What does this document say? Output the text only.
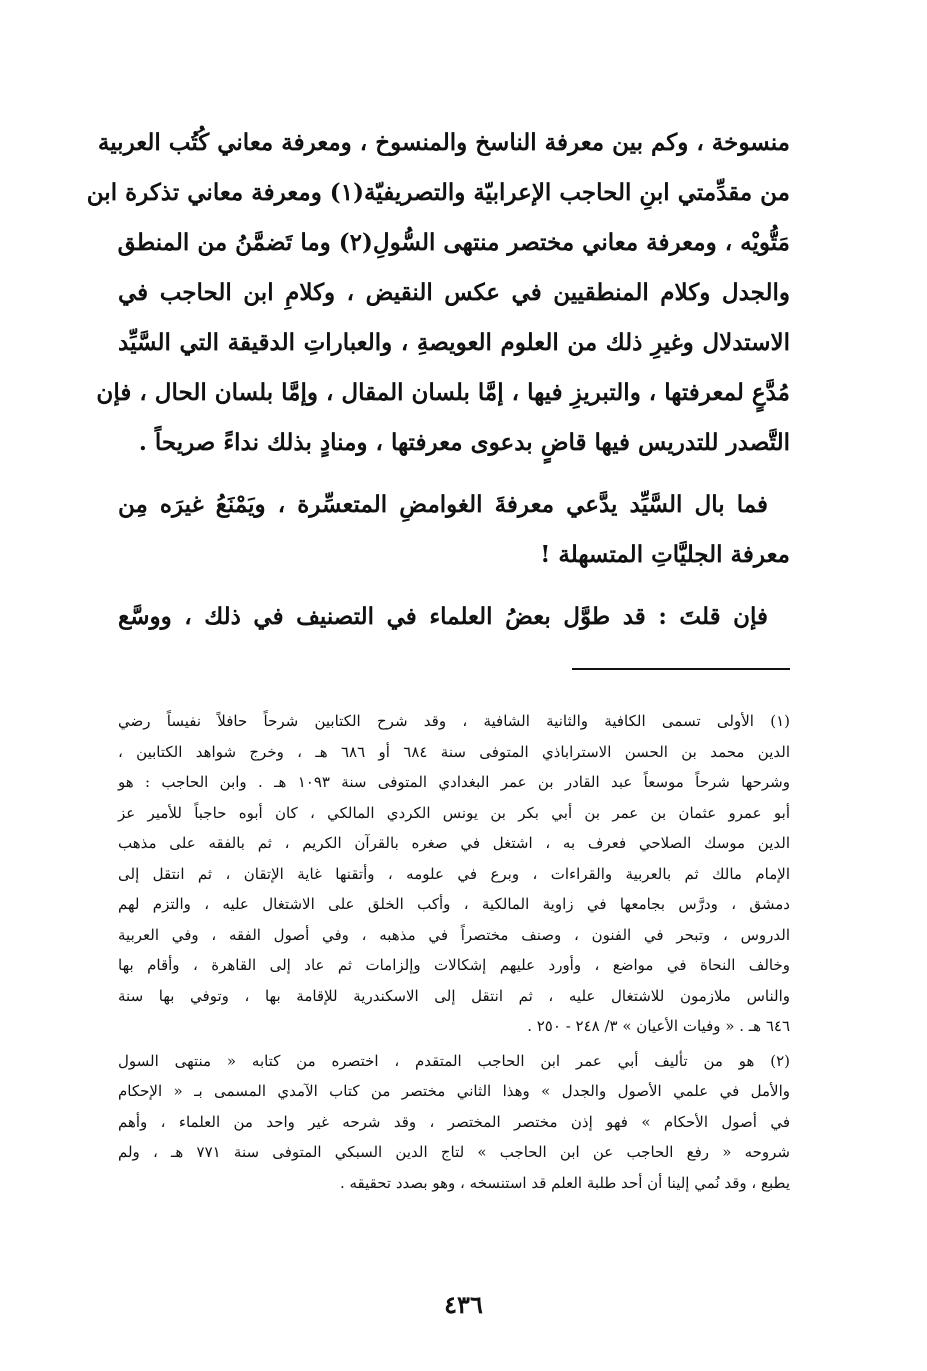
منسوخة ، وكم بين معرفة الناسخ والمنسوخ ، ومعرفة معاني كُتُب العربية
من مقدِّمتي ابنِ الحاجب الإعرابيّة والتصريفيّة(١) ومعرفة معاني تذكرة ابن
مَتُّويْه ، ومعرفة معاني مختصر منتهى السُّولِ(٢) وما تَضمَّنُ من المنطق
والجدل وكلام المنطقيين في عكس النقيض ، وكلامِ ابن الحاجب في
الاستدلال وغيرِ ذلك من العلوم العويصةِ ، والعباراتِ الدقيقة التي السَّيِّد
مُدَّعٍ لمعرفتها ، والتبريزِ فيها ، إمَّا بلسان المقال ، وإمَّا بلسان الحال ، فإن
التَّصدر للتدريس فيها قاضٍ بدعوى معرفتها ، ومنادٍ بذلك نداءً صريحاً .
فما بال السَّيِّد يدَّعي معرفةَ الغوامضِ المتعسِّرة ، ويَمْنَعُ غيرَه مِن
معرفة الجليَّاتِ المتسهلة !
فإن قلتَ : قد طوَّل بعضُ العلماء في التصنيف في ذلك ، ووسَّع
(١) الأولى تسمى الكافية والثانية الشافية ، وقد شرح الكتابين شرحاً حافلاً نفيساً رضي
الدين محمد بن الحسن الاستراباذي المتوفى سنة ٦٨٤ أو ٦٨٦ هـ ، وخرج شواهد الكتابين ،
وشرحها شرحاً موسعاً عبد القادر بن عمر البغدادي المتوفى سنة ١٠٩٣ هـ . وابن الحاجب : هو
أبو عمرو عثمان بن عمر بن أبي بكر بن يونس الكردي المالكي ، كان أبوه حاجباً للأمير عز
الدين موسك الصلاحي فعرف به ، اشتغل في صغره بالقرآن الكريم ، ثم بالفقه على مذهب
الإمام مالك ثم بالعربية والقراءات ، وبرع في علومه ، وأتقنها غاية الإتقان ، ثم انتقل إلى
دمشق ، ودرَّس بجامعها في زاوية المالكية ، وأكب الخلق على الاشتغال عليه ، والتزم لهم
الدروس ، وتبحر في الفنون ، وصنف مختصراً في مذهبه ، وفي أصول الفقه ، وفي العربية
وخالف النحاة في مواضع ، وأورد عليهم إشكالات وإلزامات ثم عاد إلى القاهرة ، وأقام بها
والناس ملازمون للاشتغال عليه ، ثم انتقل إلى الاسكندرية للإقامة بها ، وتوفي بها سنة
٦٤٦ هـ . « وفيات الأعيان » ٣/ ٢٤٨ - ٢٥٠ .
(٢) هو من تأليف أبي عمر ابن الحاجب المتقدم ، اختصره من كتابه « منتهى السول
والأمل في علمي الأصول والجدل » وهذا الثاني مختصر من كتاب الآمدي المسمى بـ « الإحكام
في أصول الأحكام » فهو إذن مختصر المختصر ، وقد شرحه غير واحد من العلماء ، وأهم
شروحه « رفع الحاجب عن ابن الحاجب » لتاج الدين السبكي المتوفى سنة ٧٧١ هـ ، ولم
يطبع ، وقد نُمي إلينا أن أحد طلبة العلم قد استنسخه ، وهو بصدد تحقيقه .
٤٣٦
